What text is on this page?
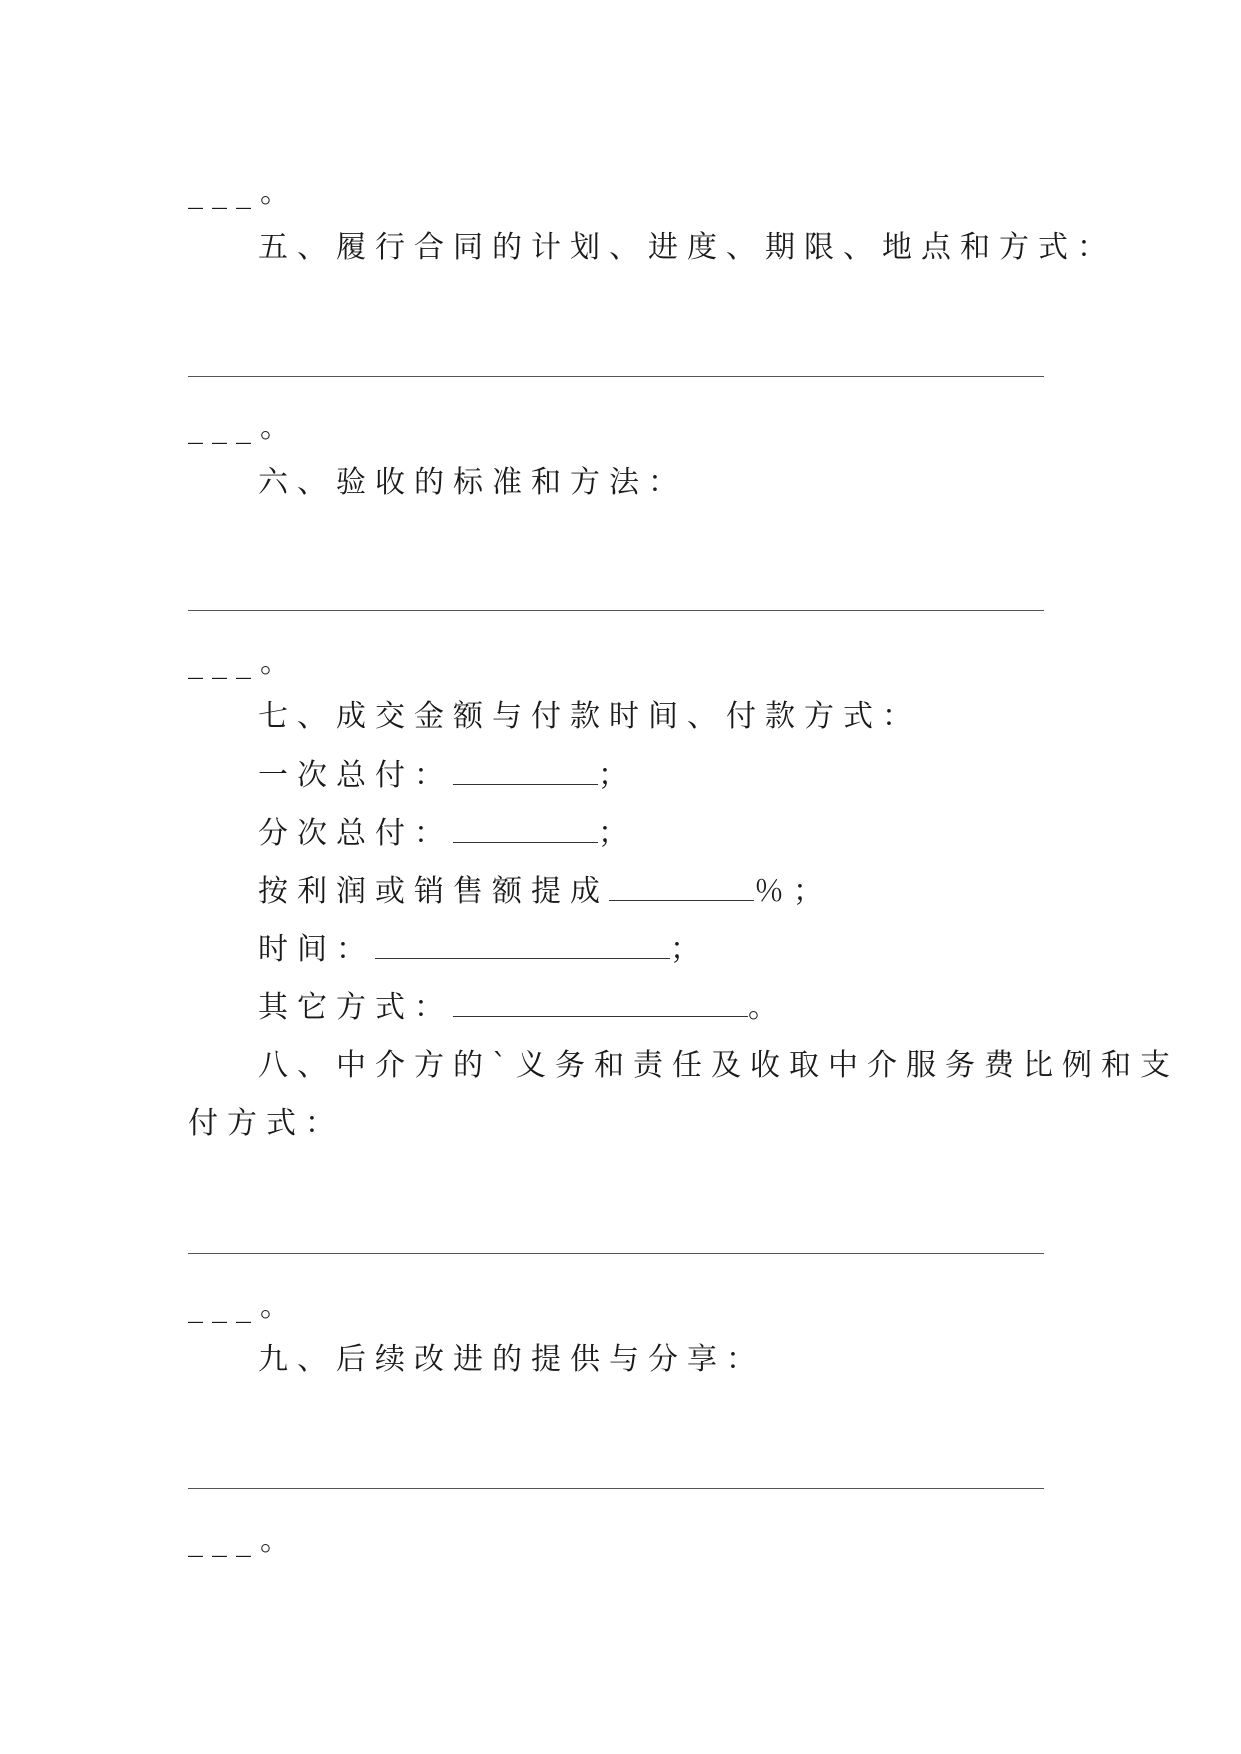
___。
五、履行合同的计划、进度、期限、地点和方式：
___。
六、验收的标准和方法：
___。
七、成交金额与付款时间、付款方式：
一次总付：	；
分次总付：	；
按利润或销售额提成	％；
时间：	；
其它方式：	。
八、中介方的`义务和责任及收取中介服务费比例和支
付方式：
___。
九、后续改进的提供与分享：
___。
